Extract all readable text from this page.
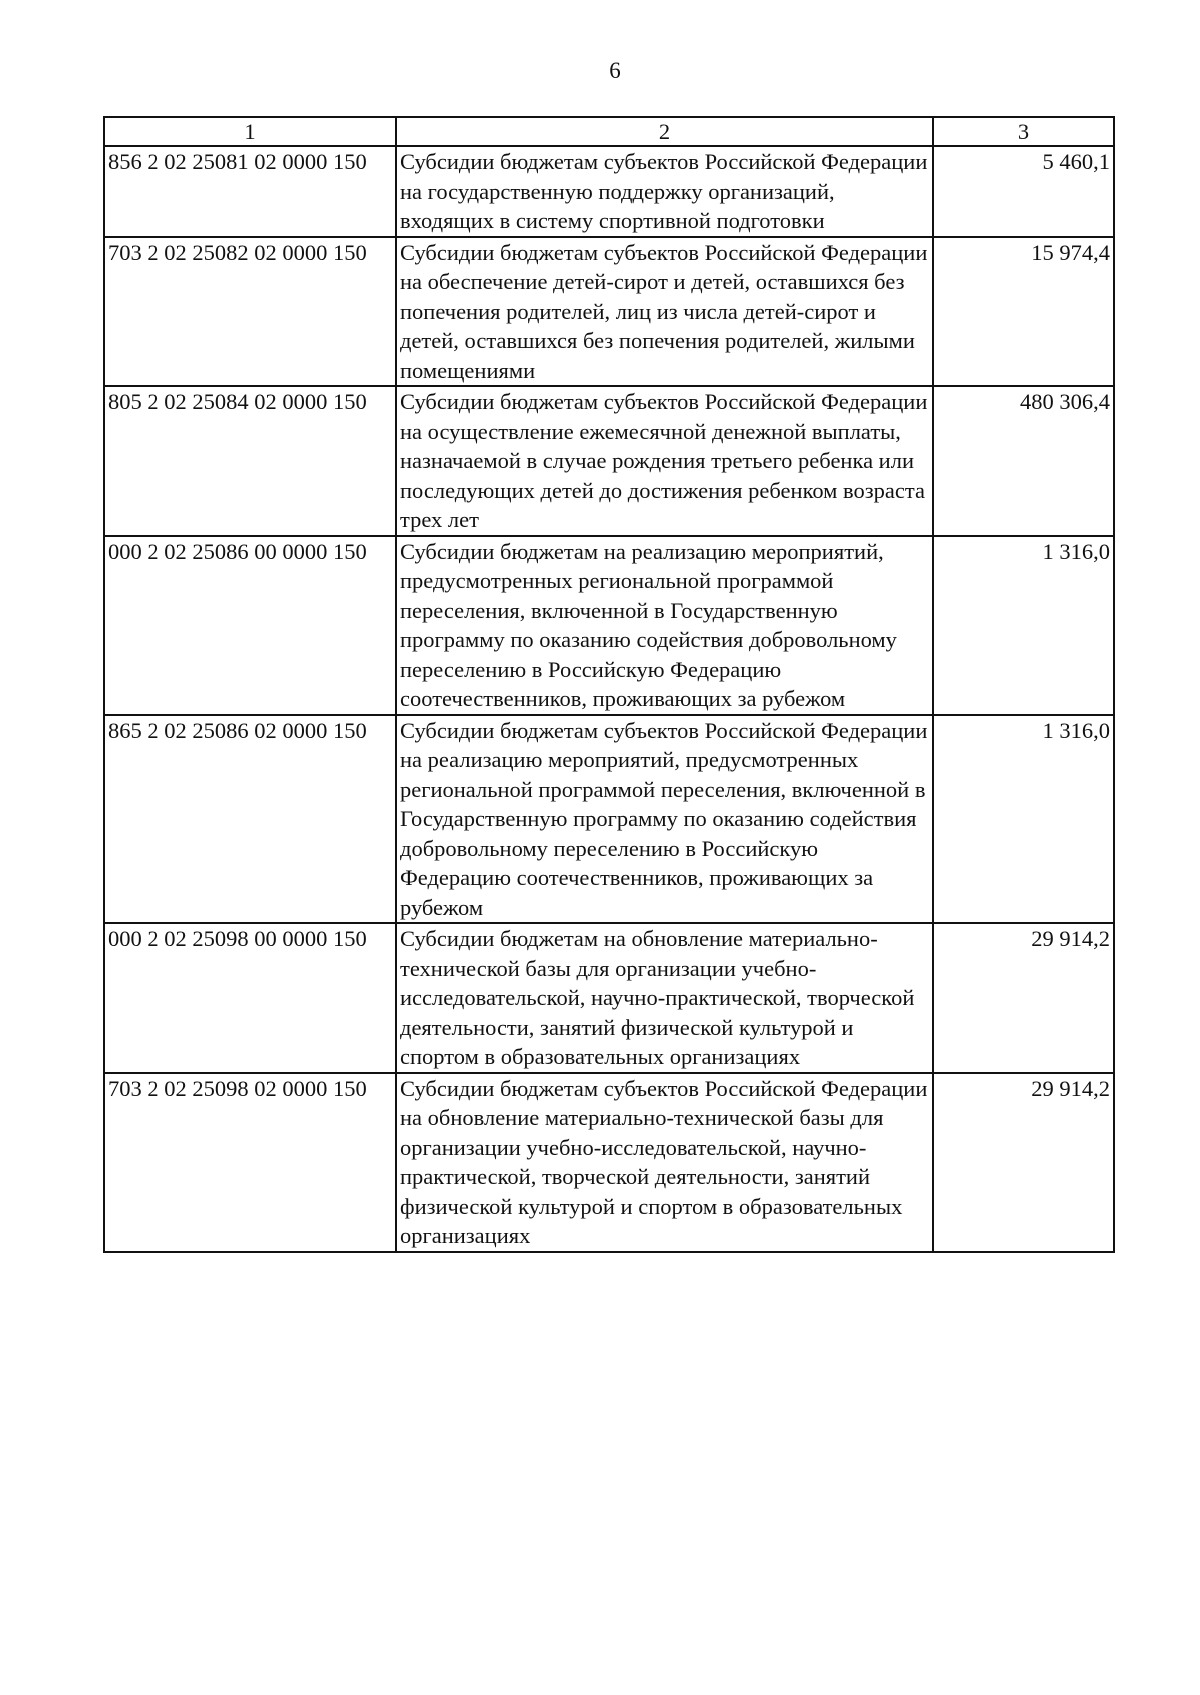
6
1	2	3
856 2 02 25081 02 0000 150	Субсидии бюджетам субъектов Российской Федерации на государственную поддержку организаций, входящих в систему спортивной подготовки	5 460,1
703 2 02 25082 02 0000 150	Субсидии бюджетам субъектов Российской Федерации на обеспечение детей-сирот и детей, оставшихся без попечения родителей, лиц из числа детей-сирот и детей, оставшихся без попечения родителей, жилыми помещениями	15 974,4
805 2 02 25084 02 0000 150	Субсидии бюджетам субъектов Российской Федерации на осуществление ежемесячной денежной выплаты, назначаемой в случае рождения третьего ребенка или последующих детей до достижения ребенком возраста трех лет	480 306,4
000 2 02 25086 00 0000 150	Субсидии бюджетам на реализацию мероприятий, предусмотренных региональной программой переселения, включенной в Государственную программу по оказанию содействия добровольному переселению в Российскую Федерацию соотечественников, проживающих за рубежом	1 316,0
865 2 02 25086 02 0000 150	Субсидии бюджетам субъектов Российской Федерации на реализацию мероприятий, предусмотренных региональной программой переселения, включенной в Государственную программу по оказанию содействия добровольному переселению в Российскую Федерацию соотечественников, проживающих за рубежом	1 316,0
000 2 02 25098 00 0000 150	Субсидии бюджетам на обновление материально-технической базы для организации учебно-исследовательской, научно-практической, творческой деятельности, занятий физической культурой и спортом в образовательных организациях	29 914,2
703 2 02 25098 02 0000 150	Субсидии бюджетам субъектов Российской Федерации на обновление материально-технической базы для организации учебно-исследовательской, научно-практической, творческой деятельности, занятий физической культурой и спортом в образовательных организациях	29 914,2
